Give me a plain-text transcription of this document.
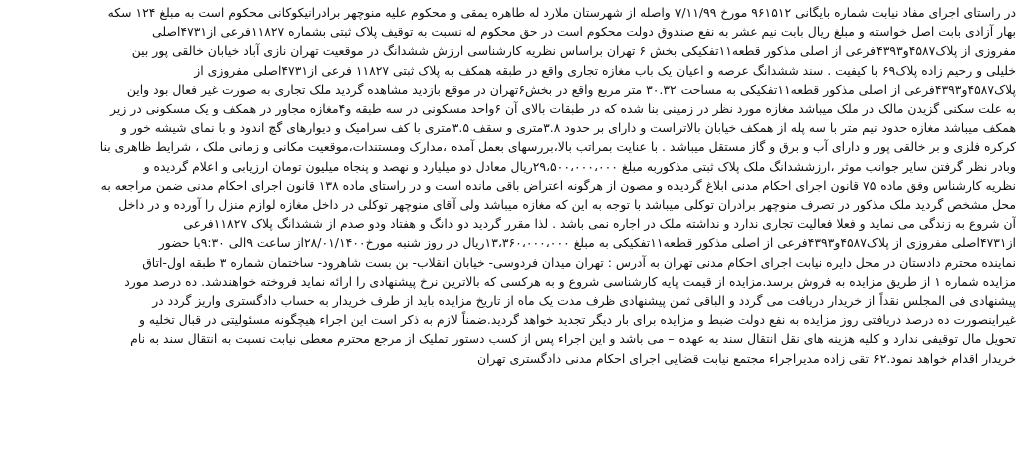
در راستای اجرای مفاد نیابت شماره بایگانی ۹۶۱۵۱۲ مورخ ۷/۱۱/۹۹ واصله از شهرستان ملارد له طاهره یمقی و محکوم علیه منوچهر برادرانیکوکانی محکوم است به مبلغ ۱۲۴ سکه
بهار آزادی بابت اصل خواسته و مبلغ ریال بابت نیم عشر به نفع صندوق دولت محکوم است در حق محکوم له نسبت به توقیف پلاک ثبتی بشماره ۱۱۸۲۷فرعی از۴۷۳۱اصلی
مفروزی از پلاک۴۵۸۷و۴۳۹۳فرعی از اصلی مذکور قطعه۱۱تفکیکی بخش ۶ تهران براساس نظریه کارشناسی ارزش ششدانگ در موقعیت تهران نازی آباد خیابان خالقی پور بین
خلیلی و رحیم زاده پلاک۶۹ با کیفیت . سند ششدانگ عرصه و اعیان یک باب مغازه تجاری واقع در طبقه همکف به پلاک ثبتی ۱۱۸۲۷ فرعی از۴۷۳۱اصلی مفروزی از
پلاک۴۵۸۷و۴۳۹۳فرعی از اصلی مذکور قطعه۱۱تفکیکی به مساحت ۳۰.۳۲ متر مربع واقع در بخش۶تهران در موقع بازدید مشاهده گردید ملک تجاری به صورت غیر فعال بود واین
به علت سکنی گزیدن مالک در ملک میباشد مغازه مورد نظر در زمینی بنا شده که در طبقات بالای آن ۶واحد مسکونی در سه طبقه و۴مغازه مجاور در همکف و یک مسکونی در زیر
همکف میباشد مغازه حدود نیم متر با سه پله از همکف خیابان بالاتراست و دارای بر حدود ۳.۸متری و سقف ۳.۵متری با کف سرامیک و دیوارهای گچ اندود و با نمای شیشه خور و
کرکره فلزی و بر خالقی پور و دارای آب و برق و گاز مستقل میباشد . با عنایت بمراتب بالا،بررسهای بعمل آمده ،مدارک ومستندات،موقعیت مکانی و زمانی ملک ، شرایط ظاهری بنا
وبادر نظر گرفتن سایر جوانب موثر ،ارزششدانگ ملک پلاک ثبتی مذکوربه مبلغ ۲۹،۵۰۰،۰۰۰،۰۰۰ریال معادل دو میلیارد و نهصد و پنجاه میلیون تومان ارزیابی و اعلام گردیده و
نظریه کارشناس وفق ماده ۷۵ قانون اجرای احکام مدنی ابلاغ گردیده و مصون از هرگونه اعتراض باقی مانده است و در راستای ماده ۱۳۸ قانون اجرای احکام مدنی ضمن مراجعه به
محل مشخص گردید ملک مذکور در تصرف منوچهر برادران توکلی میباشد با توجه به این که مغازه میباشد ولی آقای منوچهر توکلی در داخل مغازه لوازم منزل را آورده و در داخل
آن شروع به زندگی می نماید و فعلا فعالیت تجاری ندارد و نداشته ملک در اجاره نمی باشد . لذا مقرر گردید دو دانگ و هفتاد ودو صدم از ششدانگ پلاک ۱۱۸۲۷فرعی
از۴۷۳۱اصلی مفروزی از پلاک۴۵۸۷و۴۳۹۳فرعی از اصلی مذکور قطعه۱۱تفکیکی به مبلغ ۱۳،۳۶۰،۰۰۰،۰۰۰ریال در روز شنبه مورخ۲۸/۰۱/۱۴۰۰از ساعت ۹الی ۹:۳۰با حضور
نماینده محترم دادستان در محل دایره نیابت اجرای احکام مدنی تهران به آدرس : تهران میدان فردوسی- خیابان انقلاب- بن بست شاهرود- ساختمان شماره ۳ طبقه اول-اتاق
مزایده شماره ۱ از طریق مزایده به فروش برسد.مزایده از قیمت پایه کارشناسی شروع و به هرکسی که بالاترین نرخ پیشنهادی را ارائه نماید فروخته خواهندشد. ده درصد مورد
پیشنهادی فی المجلس نقداً از خریدار دریافت می گردد و الباقی ثمن پیشنهادی ظرف مدت یک ماه از تاریخ مزایده باید از طرف خریدار به حساب دادگستری واریز گردد در
غیراینصورت ده درصد دریافتی روز مزایده به نفع دولت ضبط و مزایده برای بار دیگر تجدید خواهد گردید.ضمناً لازم به ذکر است این اجراء هیچگونه مسئولیتی در قبال تخلیه و
تحویل مال توقیفی ندارد و کلیه هزینه های نقل انتقال سند به عهده – می باشد و این اجراء پس از کسب دستور تملیک از مرجع محترم معطی نیابت نسبت به انتقال سند به نام
خریدار اقدام خواهد نمود.۶۲ تقی زاده مدیراجراء مجتمع نیابت قضایی اجرای احکام مدنی دادگستری تهران
